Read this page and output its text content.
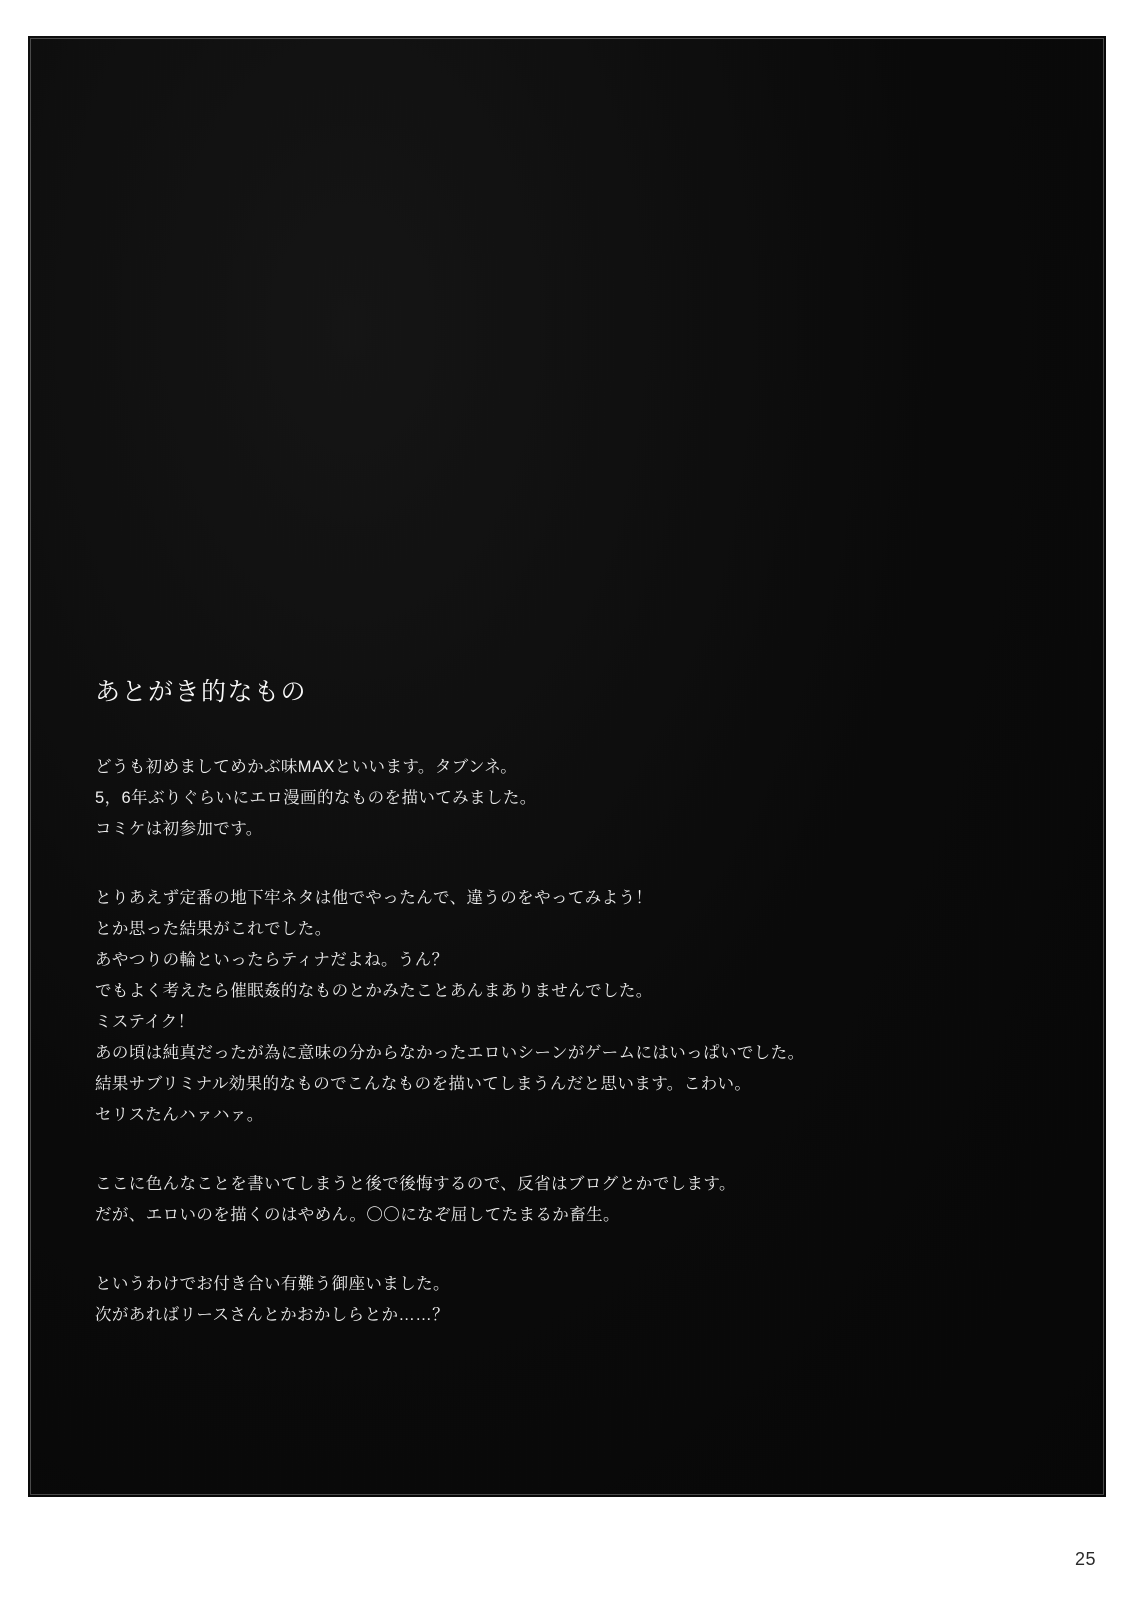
あとがき的なもの
どうも初めましてめかぶ味MAXといいます。タブンネ。
5，6年ぶりぐらいにエロ漫画的なものを描いてみました。
コミケは初参加です。
とりあえず定番の地下牢ネタは他でやったんで、違うのをやってみよう！
とか思った結果がこれでした。
あやつりの輪といったらティナだよね。うん？
でもよく考えたら催眠姦的なものとかみたことあんまありませんでした。
ミステイク！
あの頃は純真だったが為に意味の分からなかったエロいシーンがゲームにはいっぱいでした。
結果サブリミナル効果的なものでこんなものを描いてしまうんだと思います。こわい。
セリスたんハァハァ。
ここに色んなことを書いてしまうと後で後悔するので、反省はブログとかでします。
だが、エロいのを描くのはやめん。〇〇になぞ屈してたまるか畜生。
というわけでお付き合い有難う御座いました。
次があればリースさんとかおかしらとか……？
25
